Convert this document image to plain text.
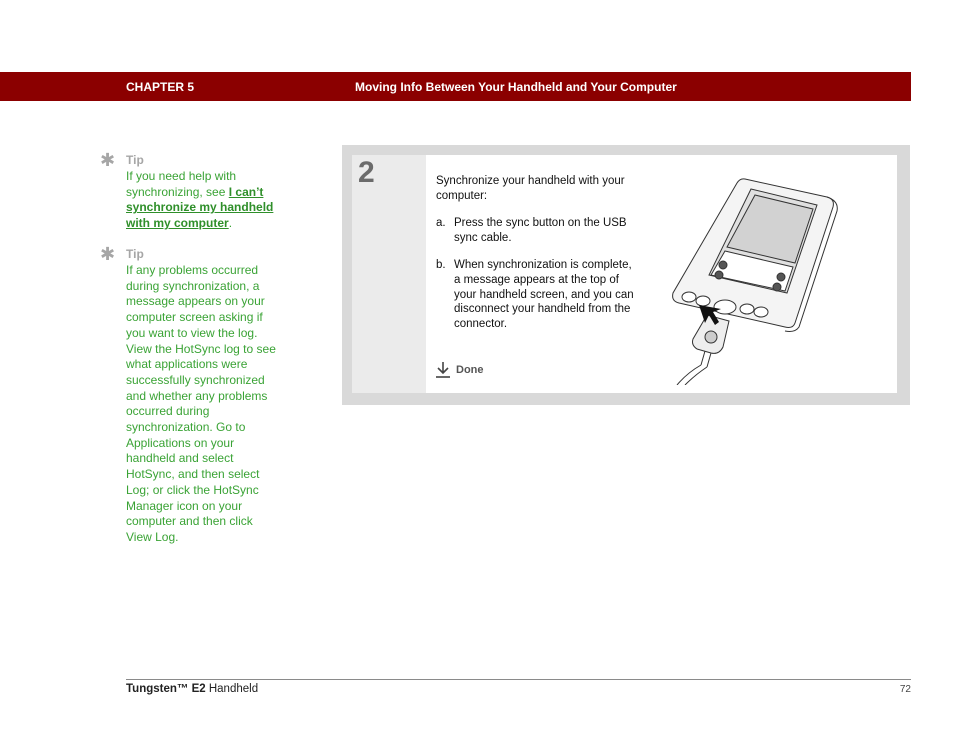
CHAPTER 5	Moving Info Between Your Handheld and Your Computer
✱ Tip
If you need help with synchronizing, see I can’t synchronize my handheld with my computer.
✱ Tip
If any problems occurred during synchronization, a message appears on your computer screen asking if you want to view the log. View the HotSync log to see what applications were successfully synchronized and whether any problems occurred during synchronization. Go to Applications on your handheld and select HotSync, and then select Log; or click the HotSync Manager icon on your computer and then click View Log.
2	Synchronize your handheld with your computer:

a. Press the sync button on the USB sync cable.
b. When synchronization is complete, a message appears at the top of your handheld screen, and you can disconnect your handheld from the connector.
Done
Tungsten™ E2 Handheld	72
